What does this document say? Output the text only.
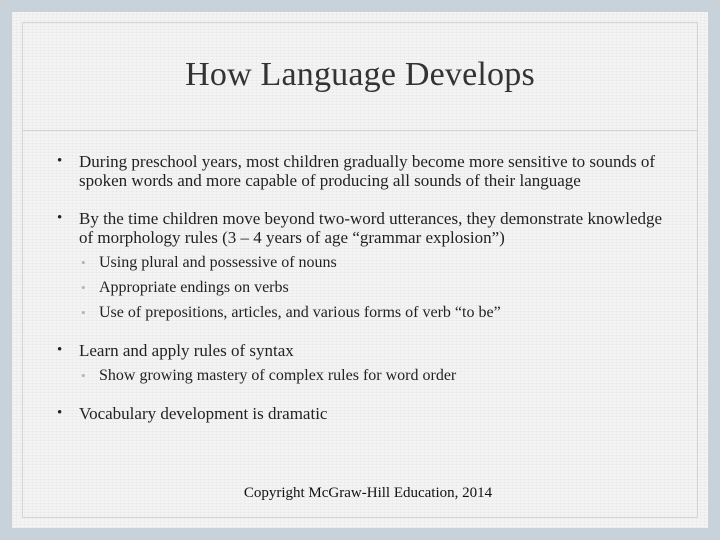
How Language Develops
• During preschool years, most children gradually become more sensitive to sounds of spoken words and more capable of producing all sounds of their language
• By the time children move beyond two-word utterances, they demonstrate knowledge of morphology rules (3 – 4 years of age “grammar explosion”)
• Using plural and possessive of nouns
• Appropriate endings on verbs
• Use of prepositions, articles, and various forms of verb “to be”
• Learn and apply rules of syntax
• Show growing mastery of complex rules for word order
• Vocabulary development is dramatic
Copyright McGraw-Hill Education, 2014
